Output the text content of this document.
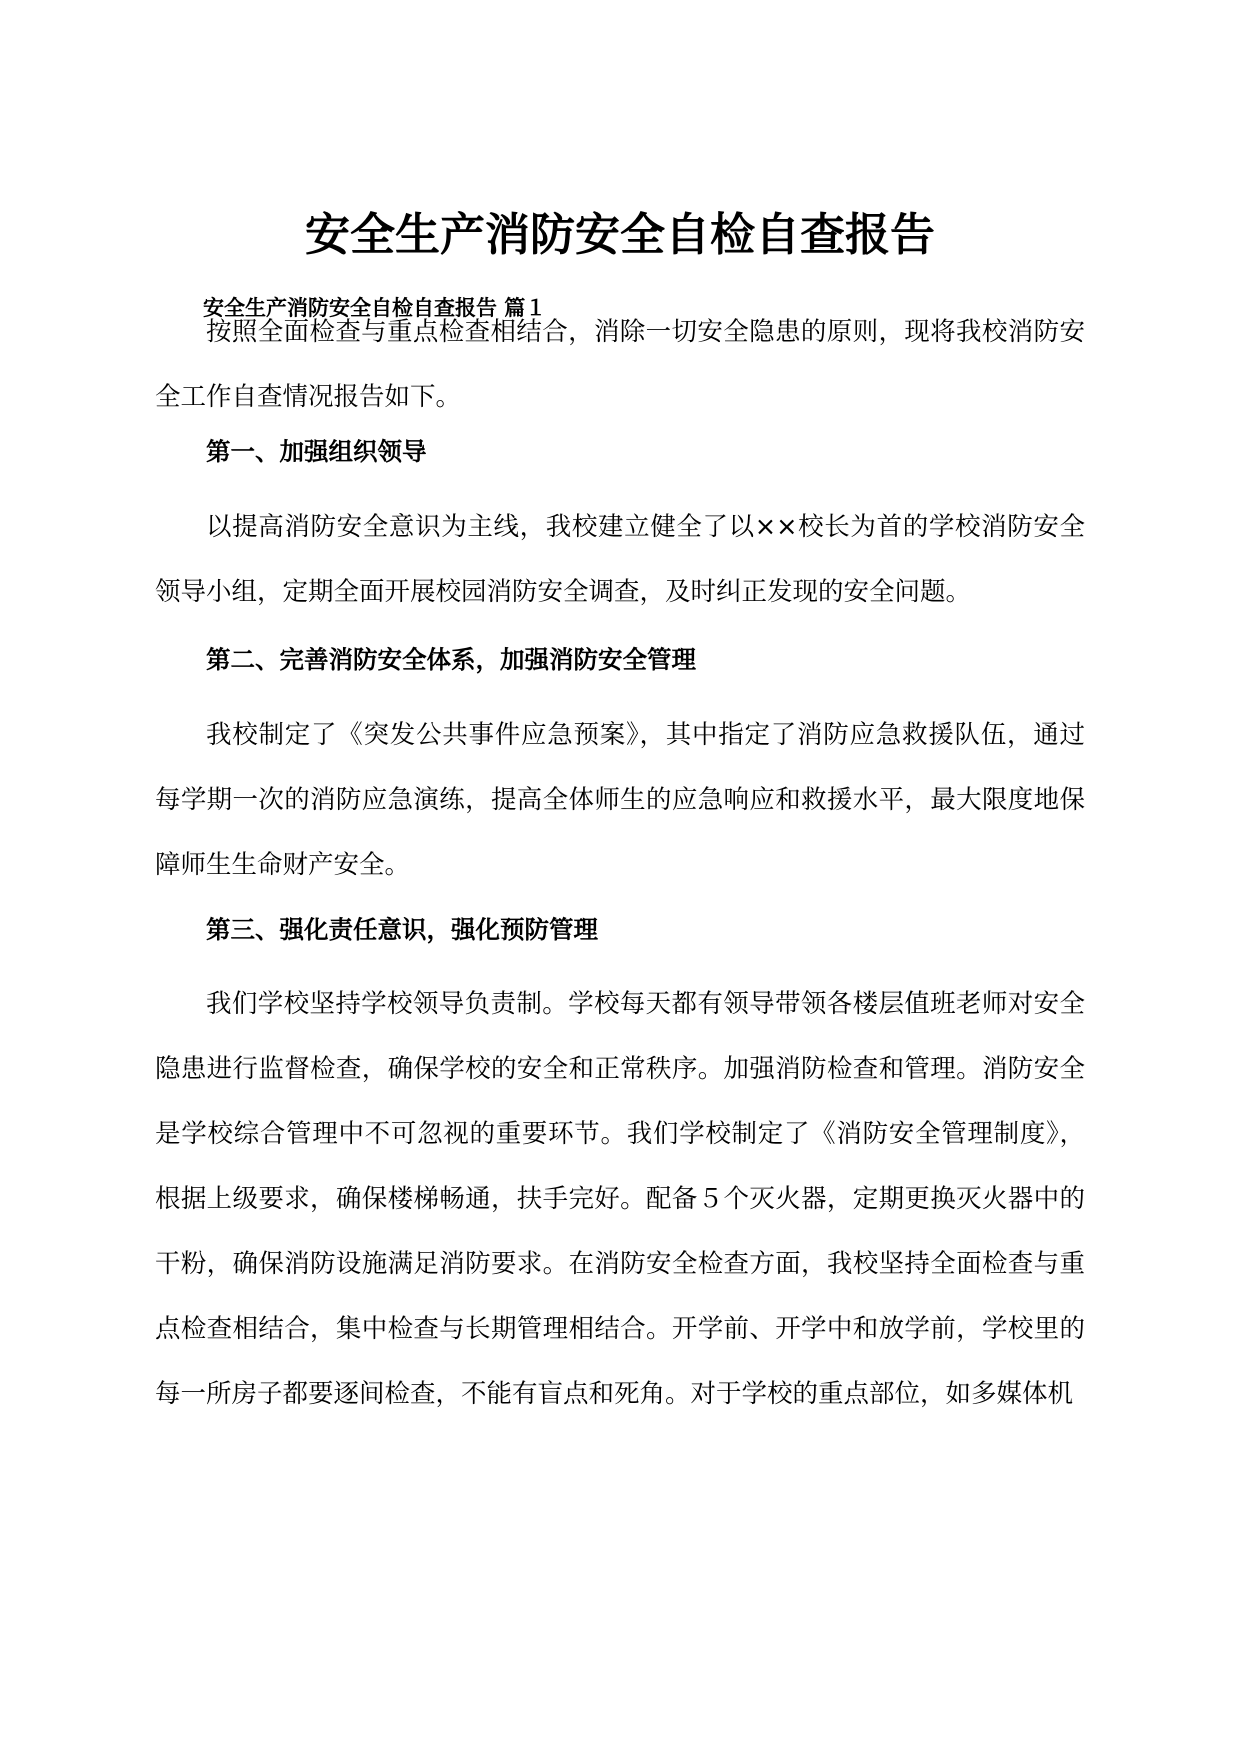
安全生产消防安全自检自查报告

安全生产消防安全自检自查报告 篇１

按照全面检查与重点检查相结合，消除一切安全隐患的原则，现将我校消防安全工作自查情况报告如下。

第一、加强组织领导

以提高消防安全意识为主线，我校建立健全了以××校长为首的学校消防安全领导小组，定期全面开展校园消防安全调查，及时纠正发现的安全问题。

第二、完善消防安全体系，加强消防安全管理

我校制定了《突发公共事件应急预案》，其中指定了消防应急救援队伍，通过每学期一次的消防应急演练，提高全体师生的应急响应和救援水平，最大限度地保障师生生命财产安全。

第三、强化责任意识，强化预防管理

我们学校坚持学校领导负责制。学校每天都有领导带领各楼层值班老师对安全隐患进行监督检查，确保学校的安全和正常秩序。加强消防检查和管理。消防安全是学校综合管理中不可忽视的重要环节。我们学校制定了《消防安全管理制度》，根据上级要求，确保楼梯畅通，扶手完好。配备５个灭火器，定期更换灭火器中的干粉，确保消防设施满足消防要求。在消防安全检查方面，我校坚持全面检查与重点检查相结合，集中检查与长期管理相结合。开学前、开学中和放学前，学校里的每一所房子都要逐间检查，不能有盲点和死角。对于学校的重点部位，如多媒体机
